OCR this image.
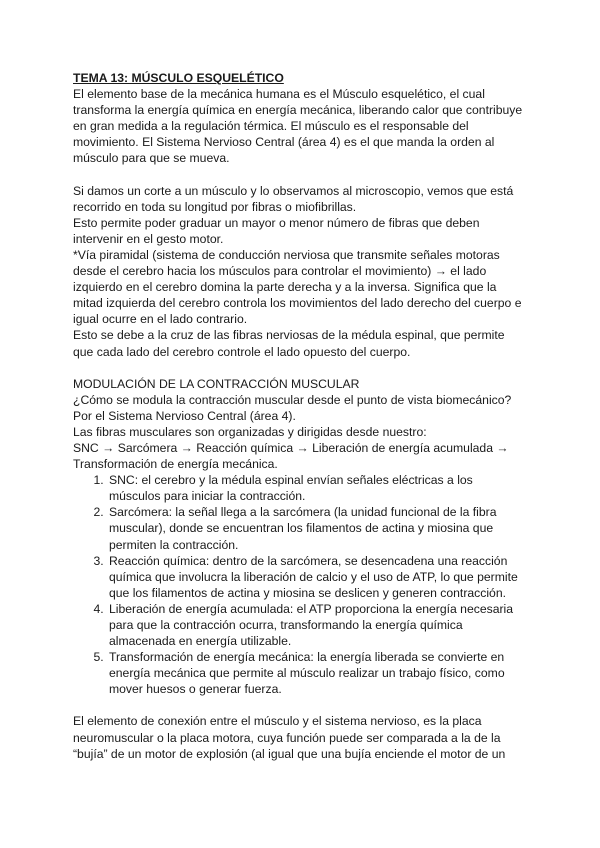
TEMA 13: MÚSCULO ESQUELÉTICO

El elemento base de la mecánica humana es el Músculo esquelético, el cual transforma la energía química en energía mecánica, liberando calor que contribuye en gran medida a la regulación térmica. El músculo es el responsable del movimiento. El Sistema Nervioso Central (área 4) es el que manda la orden al músculo para que se mueva.

Si damos un corte a un músculo y lo observamos al microscopio, vemos que está recorrido en toda su longitud por fibras o miofibrillas.

Esto permite poder graduar un mayor o menor número de fibras que deben intervenir en el gesto motor.

*Vía piramidal (sistema de conducción nerviosa que transmite señales motoras desde el cerebro hacia los músculos para controlar el movimiento) → el lado izquierdo en el cerebro domina la parte derecha y a la inversa. Significa que la mitad izquierda del cerebro controla los movimientos del lado derecho del cuerpo e igual ocurre en el lado contrario.

Esto se debe a la cruz de las fibras nerviosas de la médula espinal, que permite que cada lado del cerebro controle el lado opuesto del cuerpo.

MODULACIÓN DE LA CONTRACCIÓN MUSCULAR

¿Cómo se modula la contracción muscular desde el punto de vista biomecánico?

Por el Sistema Nervioso Central (área 4).

Las fibras musculares son organizadas y dirigidas desde nuestro:

SNC → Sarcómera → Reacción química → Liberación de energía acumulada → Transformación de energía mecánica.

1. SNC: el cerebro y la médula espinal envían señales eléctricas a los músculos para iniciar la contracción.
2. Sarcómera: la señal llega a la sarcómera (la unidad funcional de la fibra muscular), donde se encuentran los filamentos de actina y miosina que permiten la contracción.
3. Reacción química: dentro de la sarcómera, se desencadena una reacción química que involucra la liberación de calcio y el uso de ATP, lo que permite que los filamentos de actina y miosina se deslicen y generen contracción.
4. Liberación de energía acumulada: el ATP proporciona la energía necesaria para que la contracción ocurra, transformando la energía química almacenada en energía utilizable.
5. Transformación de energía mecánica: la energía liberada se convierte en energía mecánica que permite al músculo realizar un trabajo físico, como mover huesos o generar fuerza.

El elemento de conexión entre el músculo y el sistema nervioso, es la placa neuromuscular o la placa motora, cuya función puede ser comparada a la de la “bujía” de un motor de explosión (al igual que una bujía enciende el motor de un
